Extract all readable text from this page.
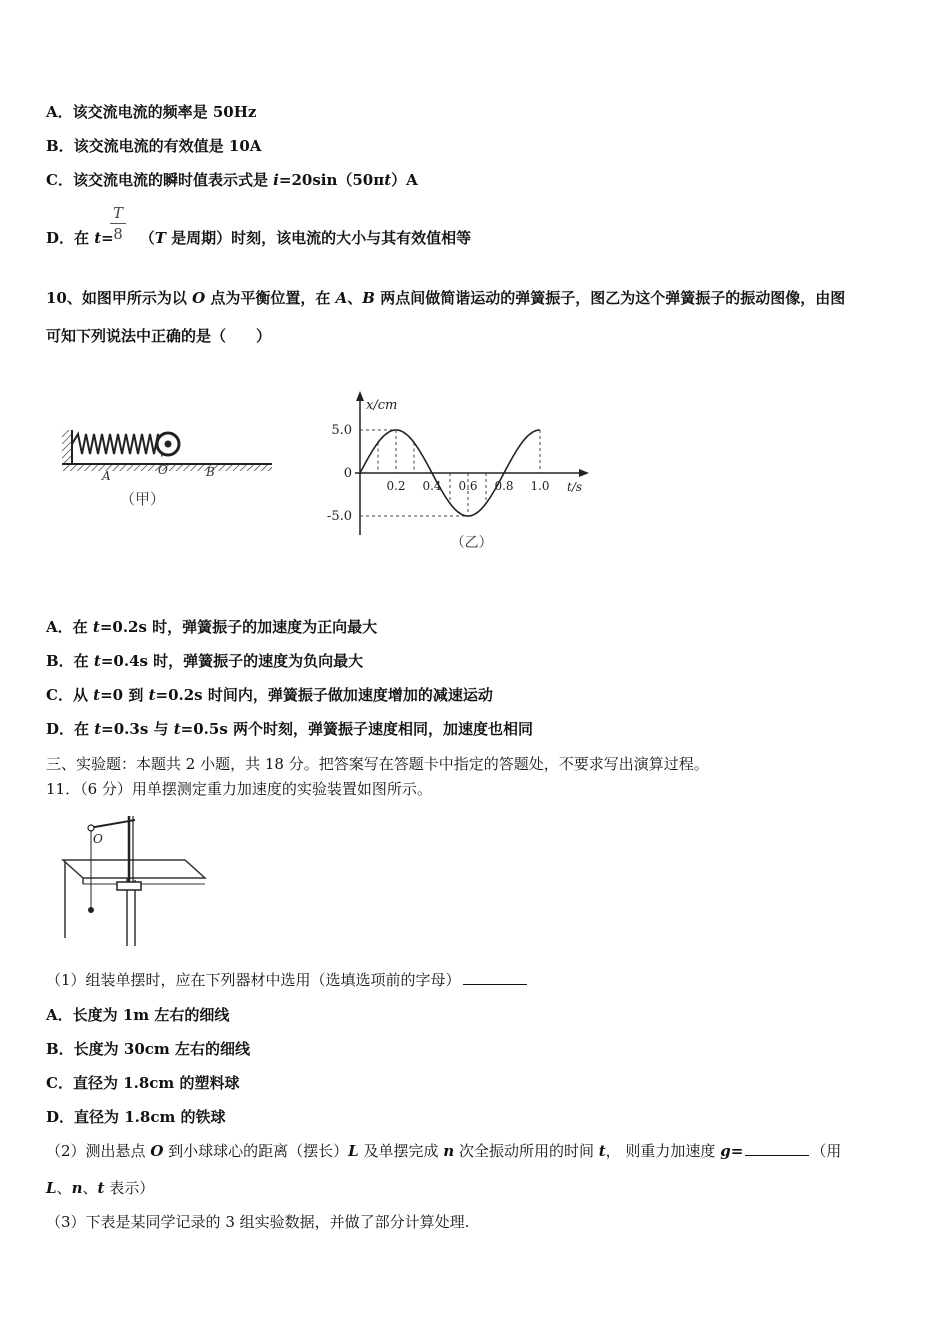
A．该交流电流的频率是 50Hz
B．该交流电流的有效值是 10A
C．该交流电流的瞬时值表示式是 i=20sin（50πt）A
D．在 t= （T 是周期）时刻，该电流的大小与其有效值相等
T
8
10、如图甲所示为以 O 点为平衡位置，在 A、B 两点间做简谐运动的弹簧振子，图乙为这个弹簧振子的振动图像，由图
可知下列说法中正确的是（　　）
A	O	B
（甲）
x/cm
t/s
5.0
0
-5.0
0.2 0.4 0.6 0.8 1.0
（乙）
A．在 t=0.2s 时，弹簧振子的加速度为正向最大
B．在 t=0.4s 时，弹簧振子的速度为负向最大
C．从 t=0 到 t=0.2s 时间内，弹簧振子做加速度增加的减速运动
D．在 t=0.3s 与 t=0.5s 两个时刻，弹簧振子速度相同，加速度也相同
三、实验题：本题共 2 小题，共 18 分。把答案写在答题卡中指定的答题处，不要求写出演算过程。
11．（6 分）用单摆测定重力加速度的实验装置如图所示。
O
（1）组装单摆时，应在下列器材中选用（选填选项前的字母）
A．长度为 1m 左右的细线
B．长度为 30cm 左右的细线
C．直径为 1.8cm 的塑料球
D．直径为 1.8cm 的铁球
（2）测出悬点 O 到小球球心的距离（摆长）L 及单摆完成 n 次全振动所用的时间 t， 则重力加速度 g=	（用
L、n、t 表示）
（3）下表是某同学记录的 3 组实验数据，并做了部分计算处理.
